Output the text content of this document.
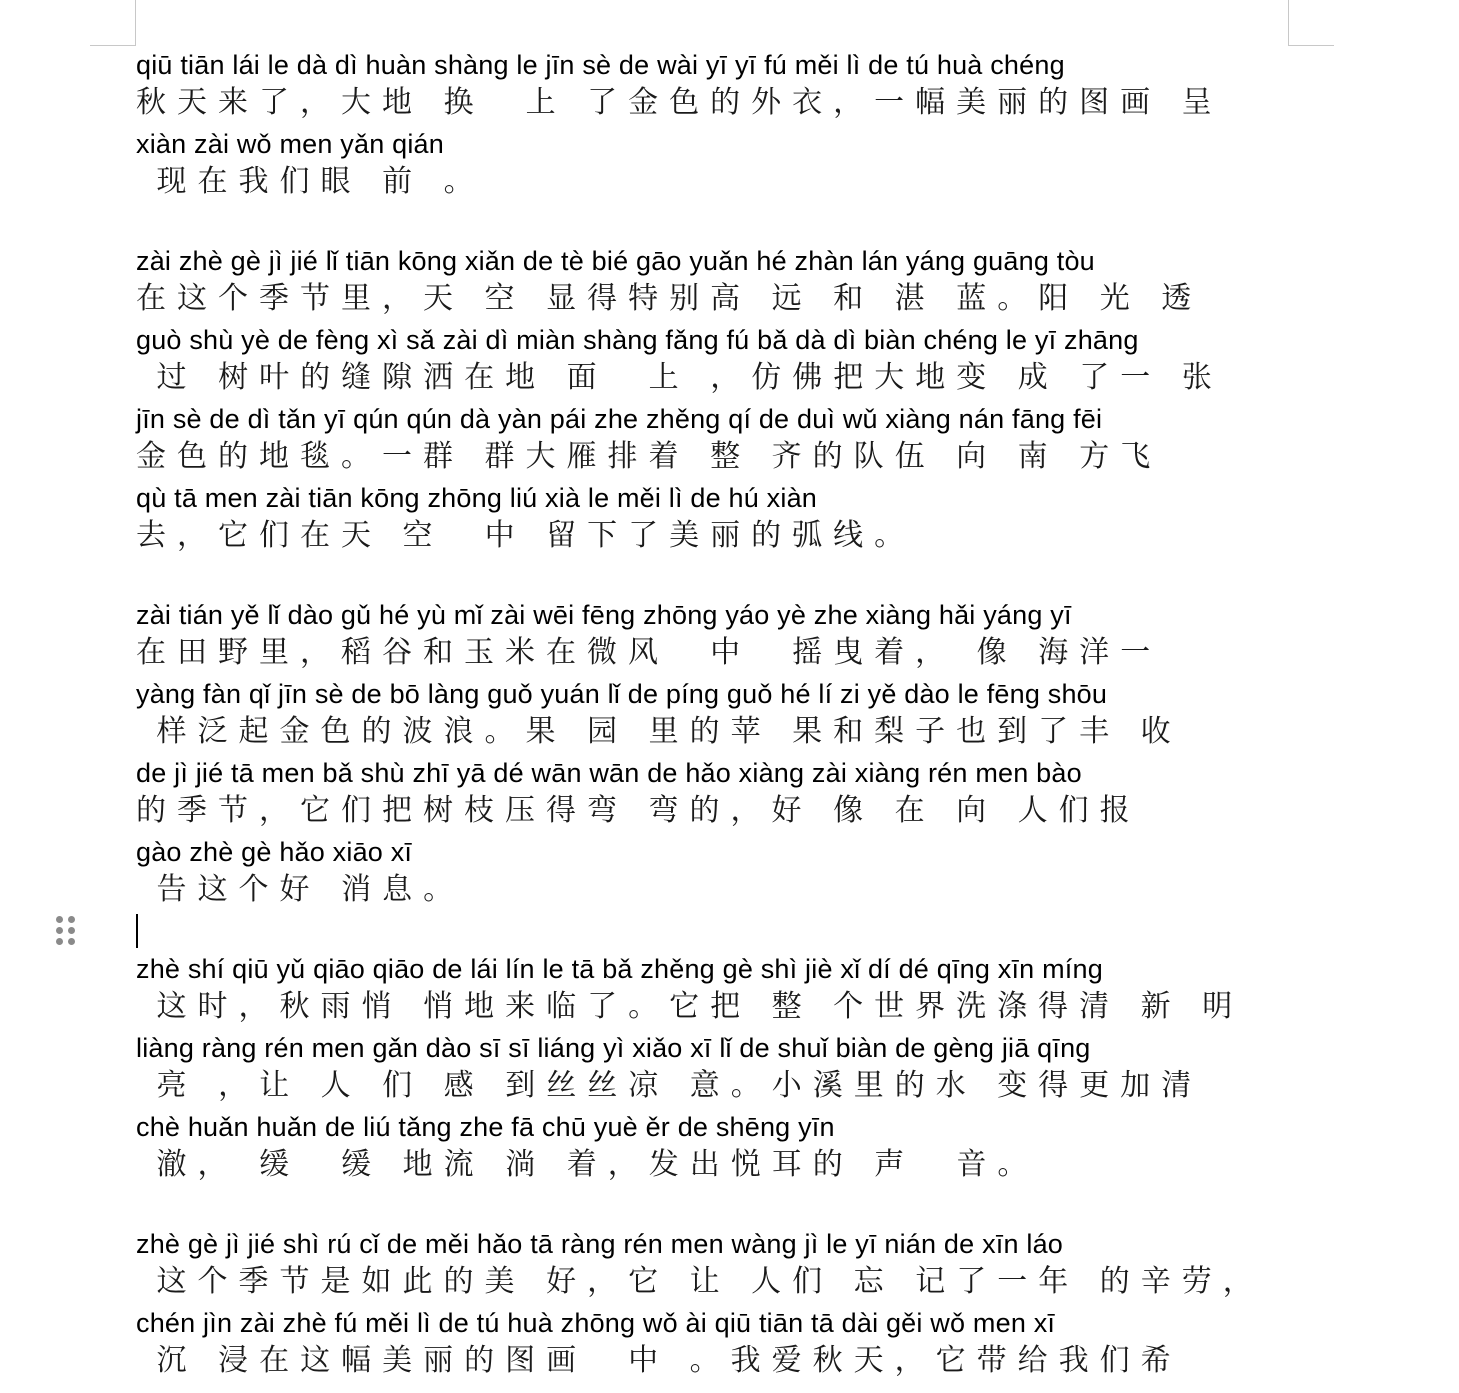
qiū tiān lái le dà dì huàn shàng le jīn sè de wài yī yī fú měi lì de tú huà chéng
秋天来了，大地 换  上 了金色的外衣，一幅美丽的图画 呈
xiàn zài wǒ men yǎn qián
现在我们眼 前 。
zài zhè gè jì jié lǐ tiān kōng xiǎn de tè bié gāo yuǎn hé zhàn lán yáng guāng tòu
在这个季节里，天 空 显得特别高 远 和 湛 蓝。阳 光 透
guò shù yè de fèng xì sǎ zài dì miàn shàng fǎng fú bǎ dà dì biàn chéng le yī zhāng
过 树叶的缝隙洒在地 面  上 ，仿佛把大地变 成 了一 张
jīn sè de dì tǎn yī qún qún dà yàn pái zhe zhěng qí de duì wǔ xiàng nán fāng fēi
金色的地毯。一群 群大雁排着 整 齐的队伍 向 南 方飞
qù tā men zài tiān kōng zhōng liú xià le měi lì de hú xiàn
去，它们在天 空  中 留下了美丽的弧线。
zài tián yě lǐ dào gǔ hé yù mǐ zài wēi fēng zhōng yáo yè zhe xiàng hǎi yáng yī
在田野里，稻谷和玉米在微风  中  摇曳着， 像 海洋一
yàng fàn qǐ jīn sè de bō làng guǒ yuán lǐ de píng guǒ hé lí zi yě dào le fēng shōu
样泛起金色的波浪。果 园 里的苹 果和梨子也到了丰 收
de jì jié tā men bǎ shù zhī yā dé wān wān de hǎo xiàng zài xiàng rén men bào
的季节，它们把树枝压得弯 弯的，好 像 在 向 人们报
gào zhè gè hǎo xiāo xī
告这个好 消息。
zhè shí qiū yǔ qiāo qiāo de lái lín le tā bǎ zhěng gè shì jiè xǐ dí dé qīng xīn míng
这时，秋雨悄 悄地来临了。它把 整 个世界洗涤得清 新 明
liàng ràng rén men gǎn dào sī sī liáng yì xiǎo xī lǐ de shuǐ biàn de gèng jiā qīng
亮 ，让 人 们 感 到丝丝凉 意。小溪里的水 变得更加清
chè huǎn huǎn de liú tǎng zhe fā chū yuè ěr de shēng yīn
澈， 缓  缓 地流 淌 着，发出悦耳的 声  音。
zhè gè jì jié shì rú cǐ de měi hǎo tā ràng rén men wàng jì le yī nián de xīn láo
这个季节是如此的美 好，它 让 人们 忘 记了一年 的辛劳，
chén jìn zài zhè fú měi lì de tú huà zhōng wǒ ài qiū tiān tā dài gěi wǒ men xī
沉 浸在这幅美丽的图画  中 。我爱秋天，它带给我们希
